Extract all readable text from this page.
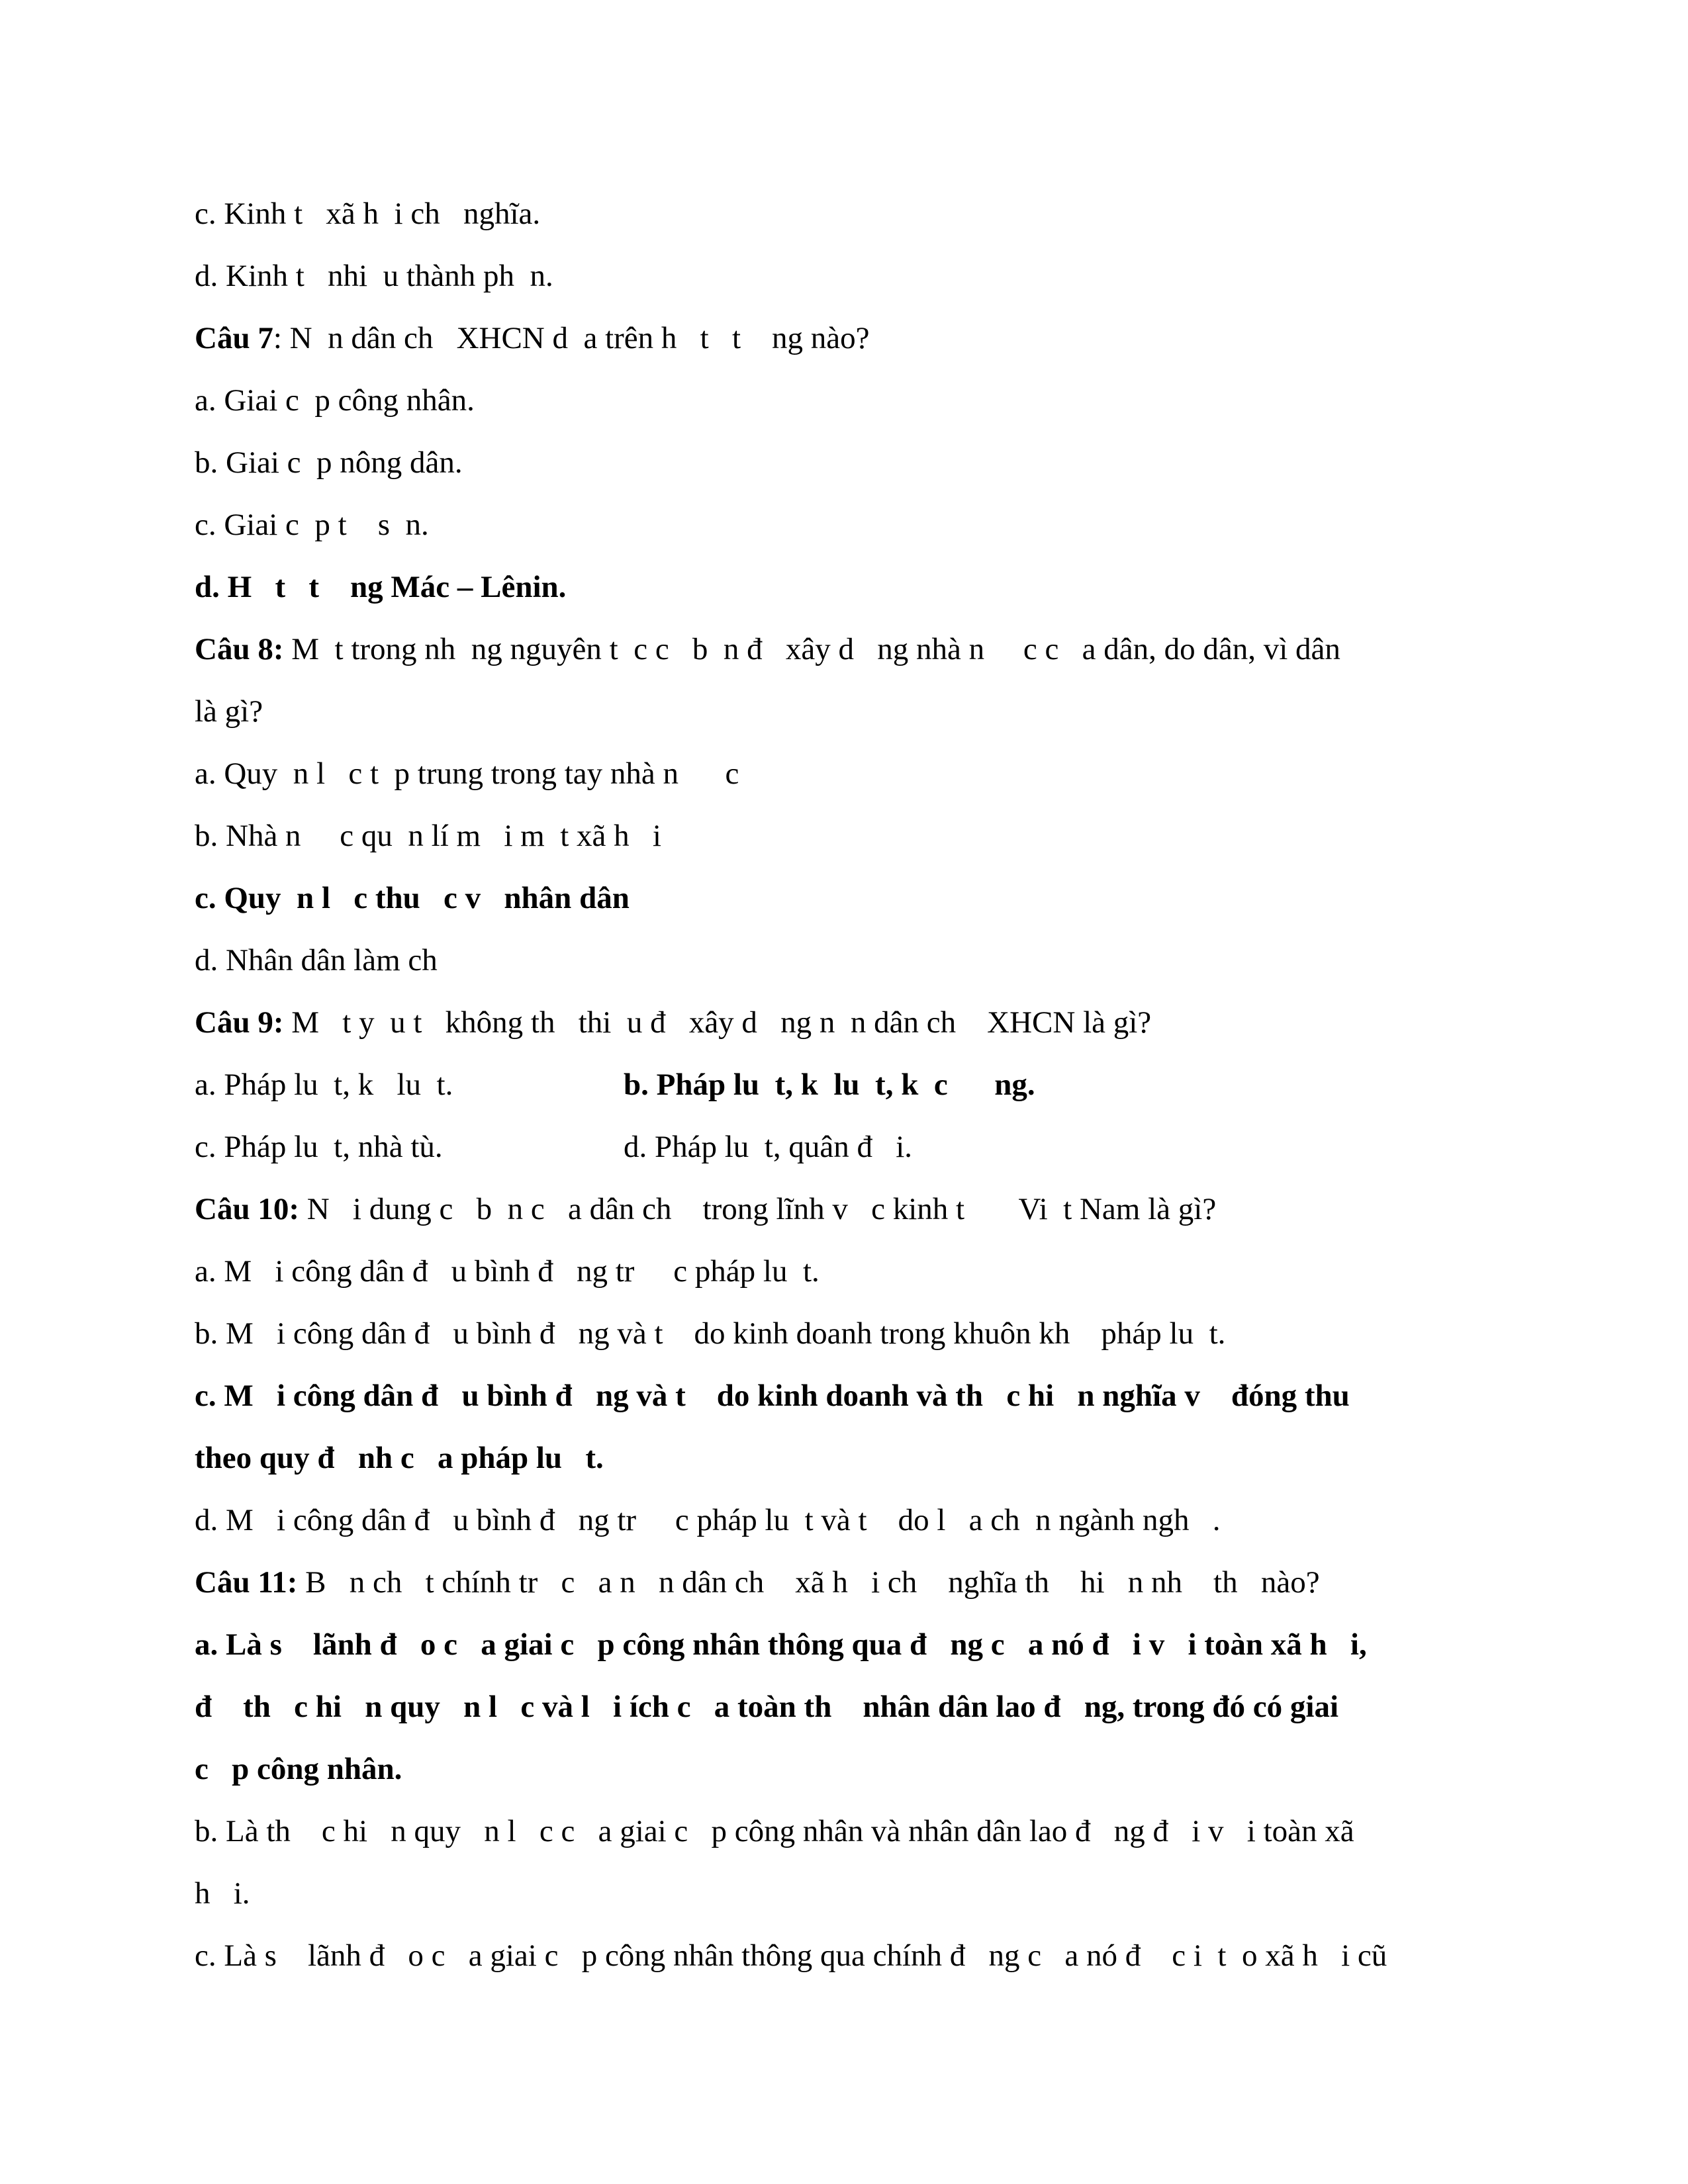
c. Kinh t   xã h  i ch   nghĩa.
d. Kinh t   nhi  u thành ph  n.
Câu 7: N  n dân ch   XHCN d  a trên h   t   t    ng nào?
a. Giai c  p công nhân.
b. Giai c  p nông dân.
c. Giai c  p t    s  n.
d. H   t   t    ng Mác – Lênin.
Câu 8: M  t trong nh  ng nguyên t  c c   b  n đ   xây d   ng nhà n     c c   a dân, do dân, vì dân
là gì?
a. Quy  n l   c t  p trung trong tay nhà n      c
b. Nhà n     c qu  n lí m   i m  t xã h   i
c. Quy  n l   c thu   c v   nhân dân
d. Nhân dân làm ch
Câu 9: M   t y  u t   không th   thi  u đ   xây d   ng n  n dân ch    XHCN là gì?
a. Pháp lu  t, k   lu  t.	b. Pháp lu  t, k  lu  t, k  c      ng.
c. Pháp lu  t, nhà tù.	d. Pháp lu  t, quân đ   i.
Câu 10: N   i dung c   b  n c   a dân ch    trong lĩnh v   c kinh t       Vi  t Nam là gì?
a. M   i công dân đ   u bình đ   ng tr     c pháp lu  t.
b. M   i công dân đ   u bình đ   ng và t    do kinh doanh trong khuôn kh    pháp lu  t.
c. M   i công dân đ   u bình đ   ng và t    do kinh doanh và th   c hi   n nghĩa v    đóng thu
theo quy đ   nh c   a pháp lu   t.
d. M   i công dân đ   u bình đ   ng tr     c pháp lu  t và t    do l   a ch  n ngành ngh   .
Câu 11: B   n ch   t chính tr   c   a n   n dân ch    xã h   i ch    nghĩa th    hi   n nh    th   nào?
a. Là s    lãnh đ   o c   a giai c   p công nhân thông qua đ   ng c   a nó đ   i v   i toàn xã h   i,
đ    th   c hi   n quy   n l   c và l   i ích c   a toàn th    nhân dân lao đ   ng, trong đó có giai
c   p công nhân.
b. Là th    c hi   n quy   n l   c c   a giai c   p công nhân và nhân dân lao đ   ng đ   i v   i toàn xã
h   i.
c. Là s    lãnh đ   o c   a giai c   p công nhân thông qua chính đ   ng c   a nó đ    c i  t  o xã h   i cũ
